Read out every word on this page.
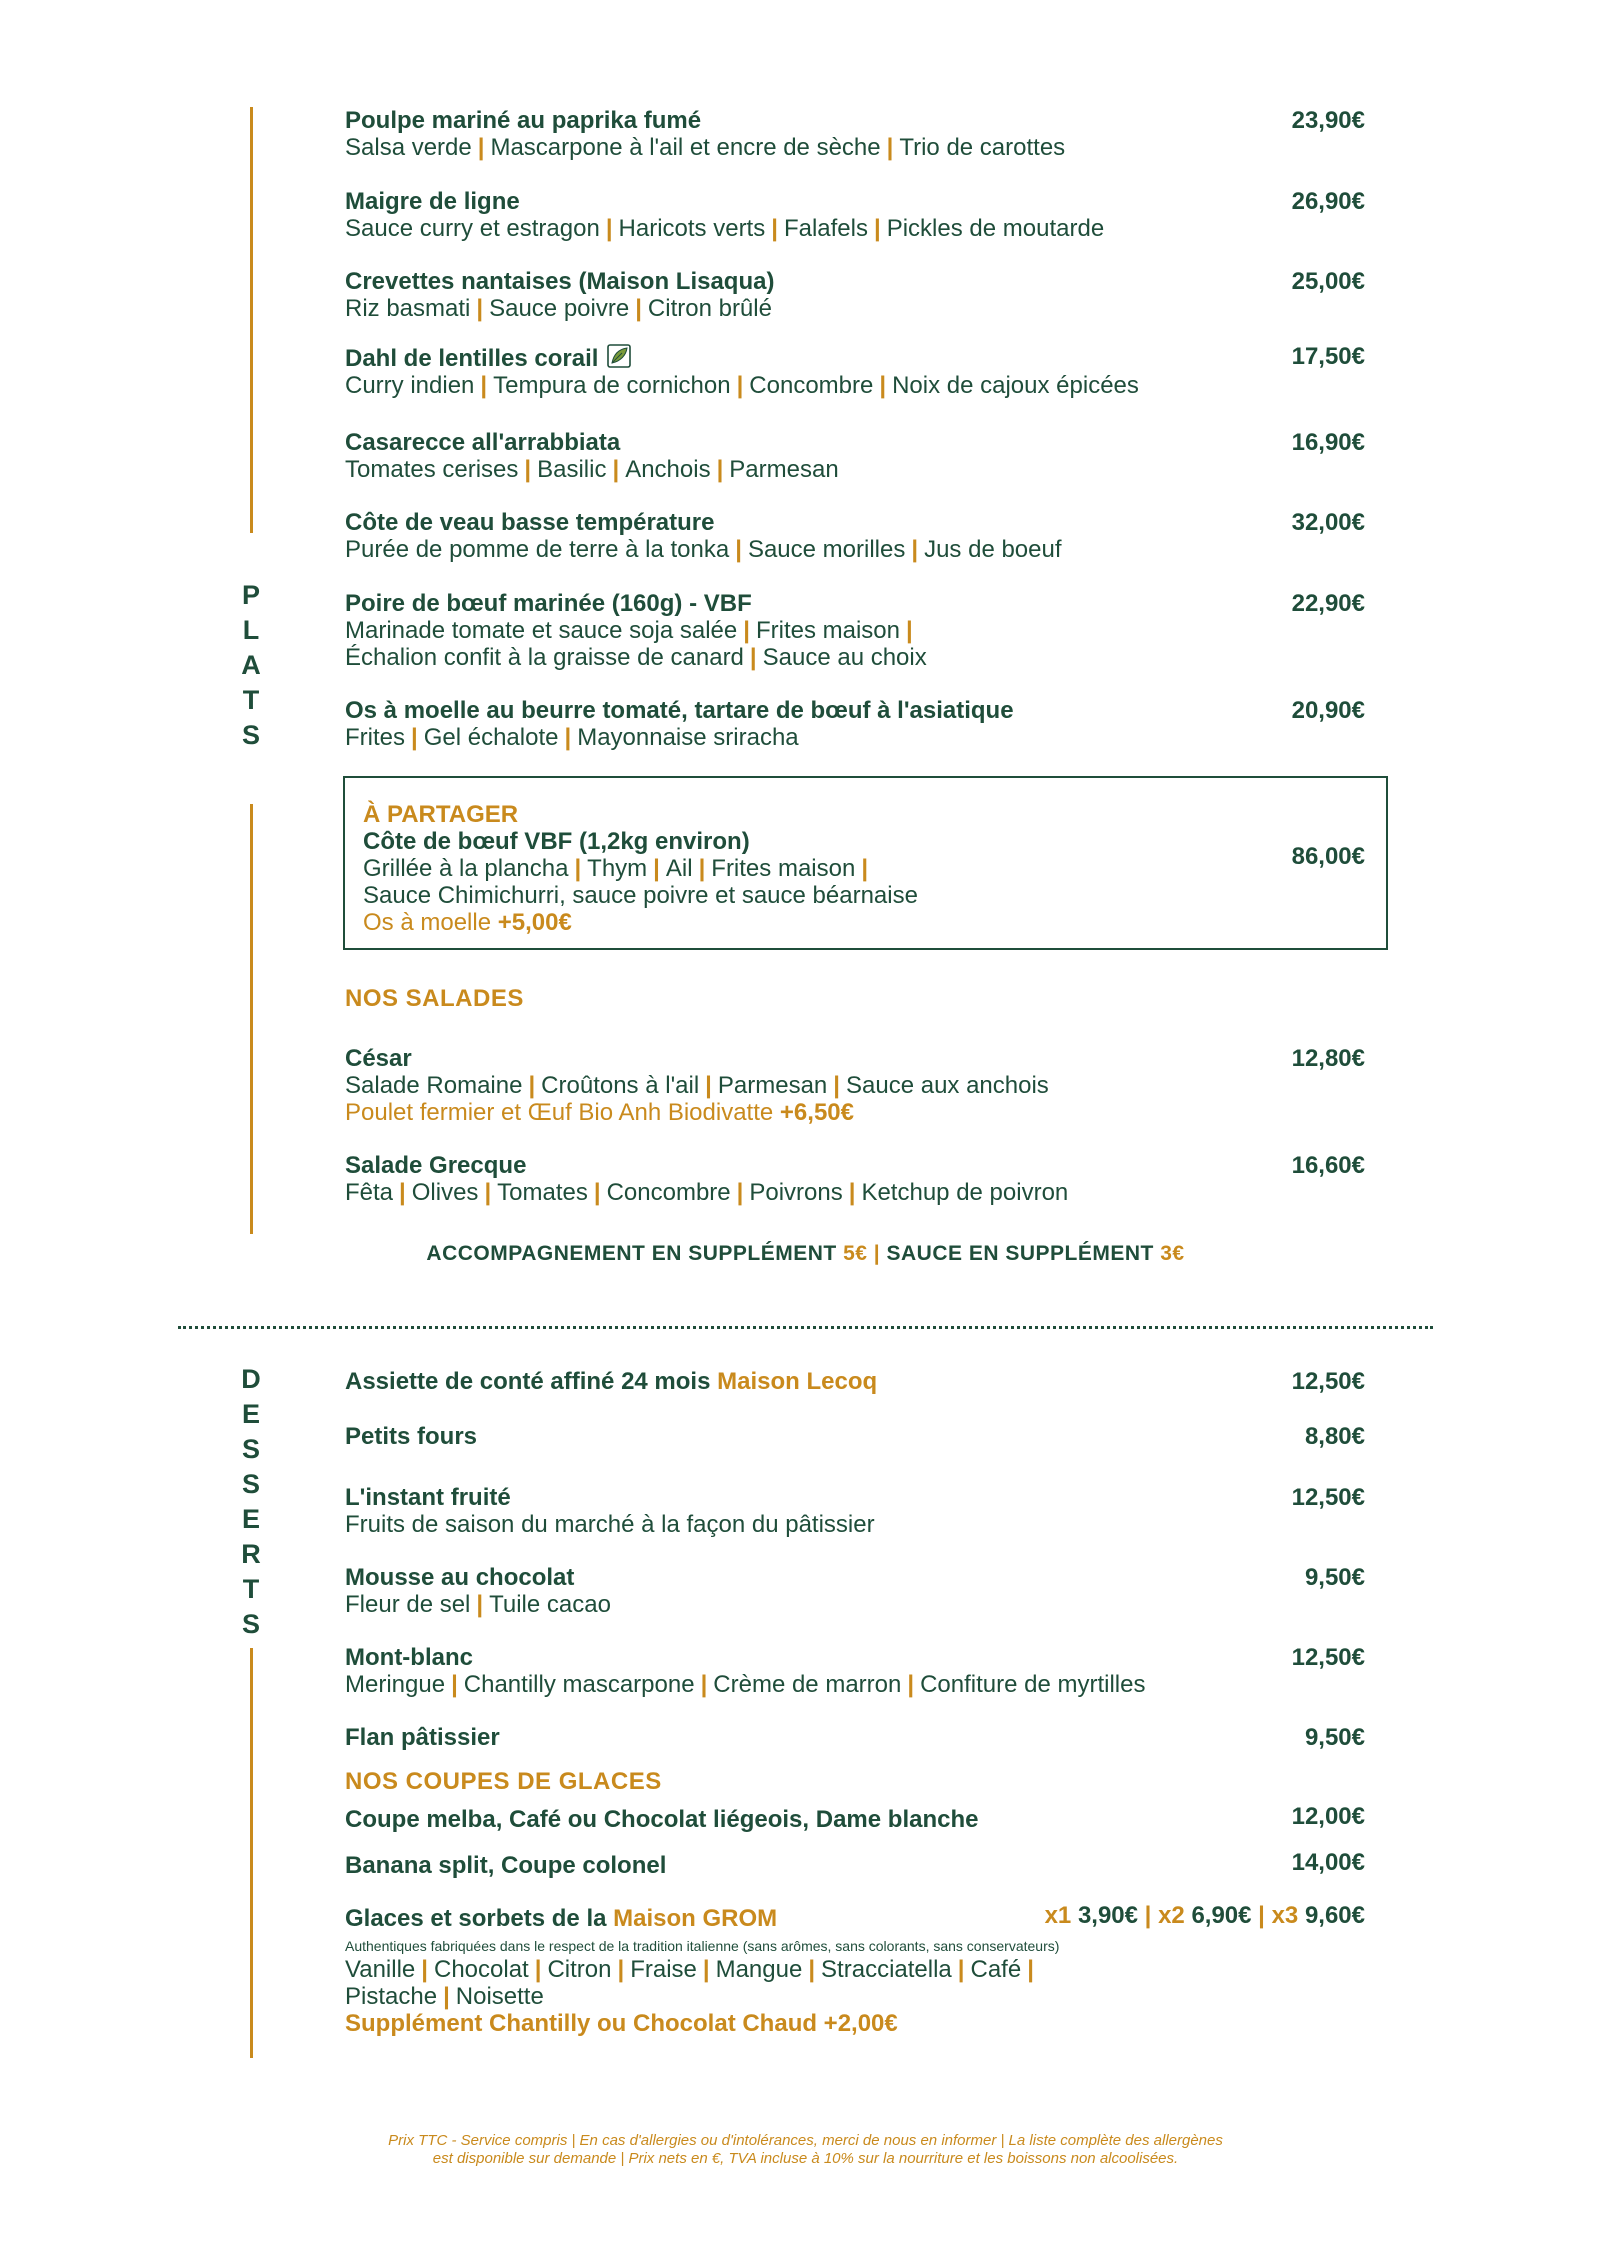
P
L
A
T
S
Poulpe mariné au paprika fumé
Salsa verde | Mascarpone à l'ail et encre de sèche | Trio de carottes
23,90€
Maigre de ligne
Sauce curry et estragon | Haricots verts | Falafels | Pickles de moutarde
26,90€
Crevettes nantaises (Maison Lisaqua)
Riz basmati | Sauce poivre | Citron brûlé
25,00€
Dahl de lentilles corail
Curry indien | Tempura de cornichon | Concombre | Noix de cajoux épicées
17,50€
Casarecce all'arrabbiata
Tomates cerises | Basilic | Anchois | Parmesan
16,90€
Côte de veau basse température
Purée de pomme de terre à la tonka | Sauce morilles | Jus de boeuf
32,00€
Poire de bœuf marinée (160g) - VBF
Marinade tomate et sauce soja salée | Frites maison |
Échalion confit à la graisse de canard | Sauce au choix
22,90€
Os à moelle au beurre tomaté, tartare de bœuf à l'asiatique
Frites | Gel échalote | Mayonnaise sriracha
20,90€
À PARTAGER
Côte de bœuf VBF (1,2kg environ)
Grillée à la plancha | Thym | Ail | Frites maison |
Sauce Chimichurri, sauce poivre et sauce béarnaise
Os à moelle +5,00€
86,00€
NOS SALADES
César
Salade Romaine | Croûtons à l'ail | Parmesan | Sauce aux anchois
Poulet fermier et Œuf Bio Anh Biodivatte +6,50€
12,80€
Salade Grecque
Fêta | Olives | Tomates | Concombre | Poivrons | Ketchup de poivron
16,60€
ACCOMPAGNEMENT EN SUPPLÉMENT 5€ | SAUCE EN SUPPLÉMENT 3€
D
E
S
S
E
R
T
S
Assiette de conté affiné 24 mois Maison Lecoq	12,50€
Petits fours	8,80€
L'instant fruité
Fruits de saison du marché à la façon du pâtissier
12,50€
Mousse au chocolat
Fleur de sel | Tuile cacao
9,50€
Mont-blanc
Meringue | Chantilly mascarpone | Crème de marron | Confiture de myrtilles
12,50€
Flan pâtissier	9,50€
NOS COUPES DE GLACES
Coupe melba, Café ou Chocolat liégeois, Dame blanche	12,00€
Banana split, Coupe colonel	14,00€
Glaces et sorbets de la Maison GROM	x1 3,90€ | x2 6,90€ | x3 9,60€
Authentiques fabriquées dans le respect de la tradition italienne (sans arômes, sans colorants, sans conservateurs)
Vanille | Chocolat | Citron | Fraise | Mangue | Stracciatella | Café |
Pistache | Noisette
Supplément Chantilly ou Chocolat Chaud +2,00€
Prix TTC - Service compris | En cas d'allergies ou d'intolérances, merci de nous en informer | La liste complète des allergènes
est disponible sur demande | Prix nets en €, TVA incluse à 10% sur la nourriture et les boissons non alcoolisées.
